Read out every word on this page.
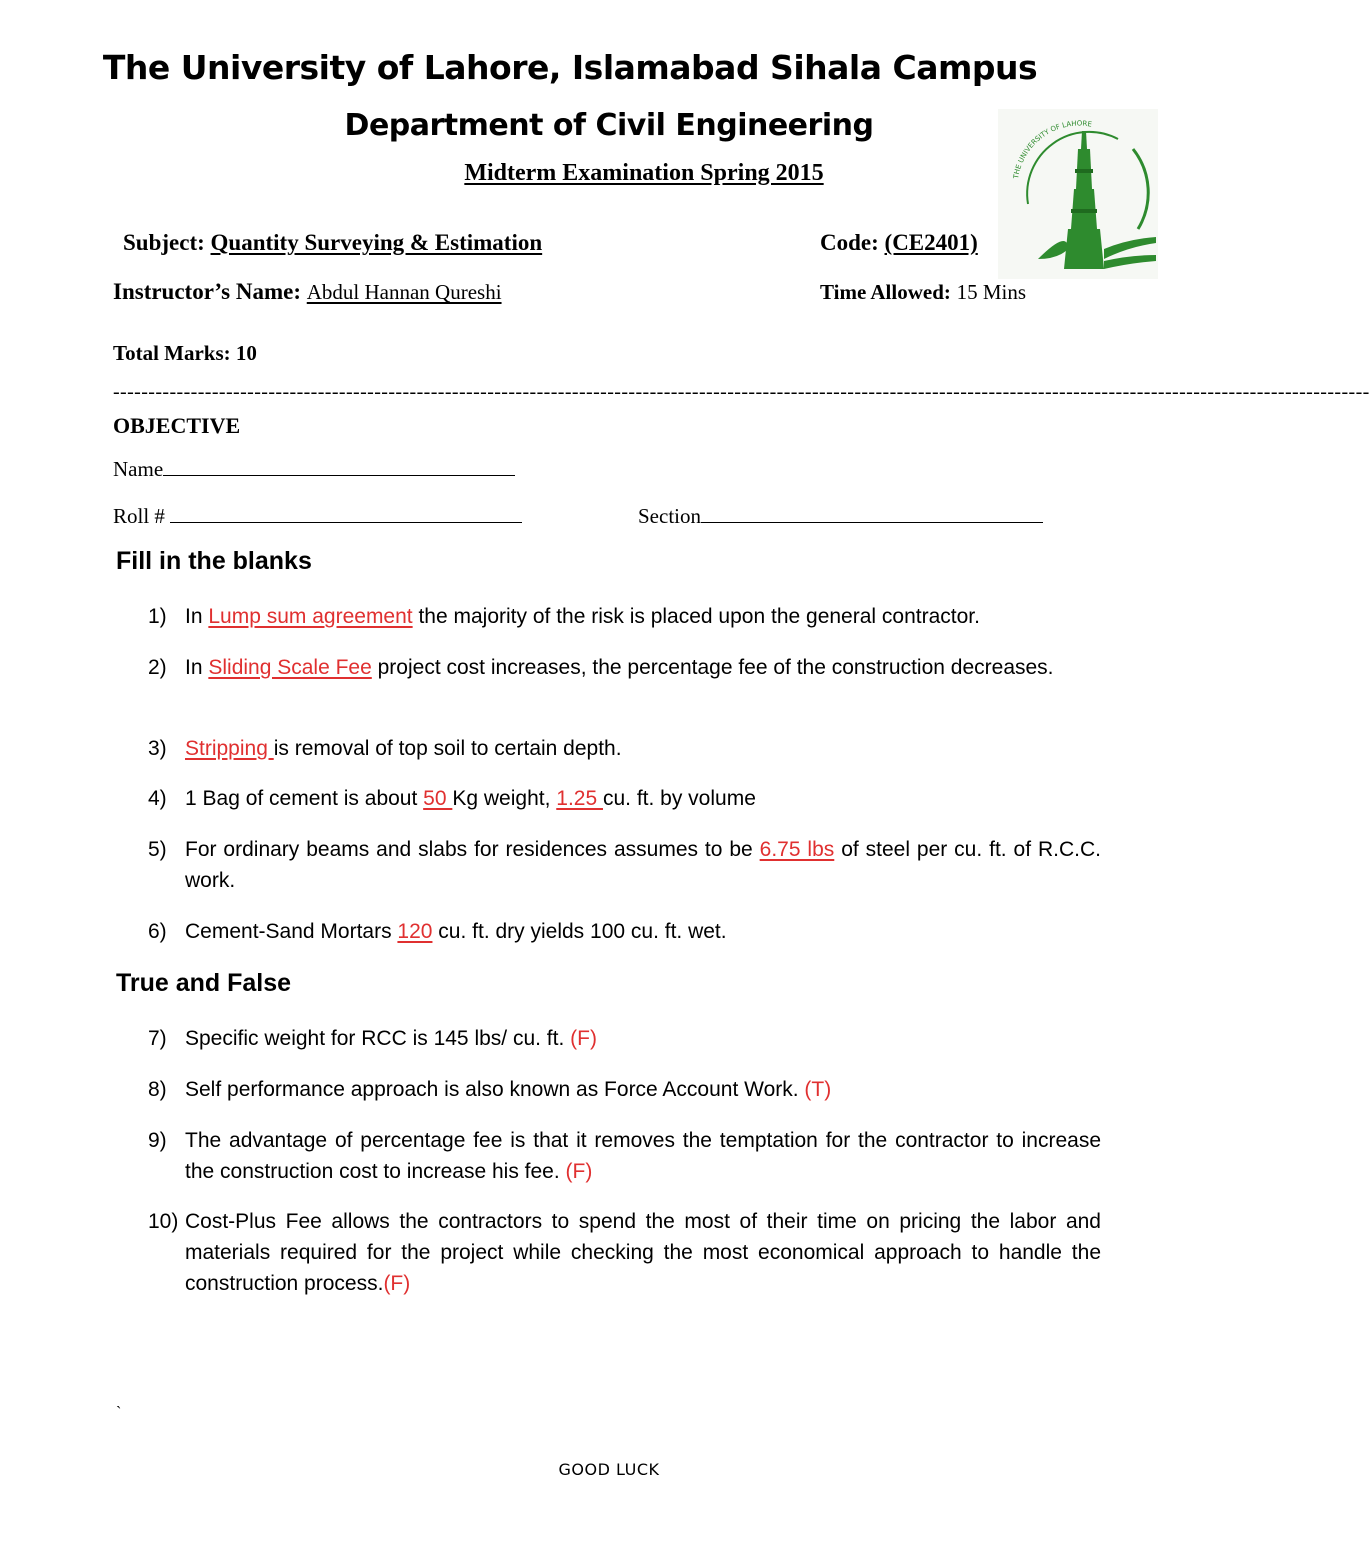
The University of Lahore, Islamabad Sihala Campus
Department of Civil Engineering
Midterm Examination Spring 2015	THE UNIVERSITY OF LAHORE
Subject: Quantity Surveying & Estimation	Code: (CE2401)
Instructor’s Name: Abdul Hannan Qureshi	Time Allowed: 15 Mins
Total Marks: 10
----------------------------------------------------------------------------------------------------------------------------------------------------------------------------------
OBJECTIVE
Name
Roll #	Section
Fill in the blanks
1) In Lump sum agreement the majority of the risk is placed upon the general contractor.
2) In Sliding Scale Fee project cost increases, the percentage fee of the construction decreases.
3) Stripping is removal of top soil to certain depth.
4) 1 Bag of cement is about 50 Kg weight, 1.25 cu. ft. by volume
5) For ordinary beams and slabs for residences assumes to be 6.75 lbs of steel per cu. ft. of R.C.C. work.
6) Cement-Sand Mortars 120 cu. ft. dry yields 100 cu. ft. wet.
True and False
7) Specific weight for RCC is 145 lbs/ cu. ft. (F)
8) Self performance approach is also known as Force Account Work. (T)
9) The advantage of percentage fee is that it removes the temptation for the contractor to increase the construction cost to increase his fee. (F)
10) Cost-Plus Fee allows the contractors to spend the most of their time on pricing the labor and materials required for the project while checking the most economical approach to handle the construction process.(F)
`
GOOD LUCK
